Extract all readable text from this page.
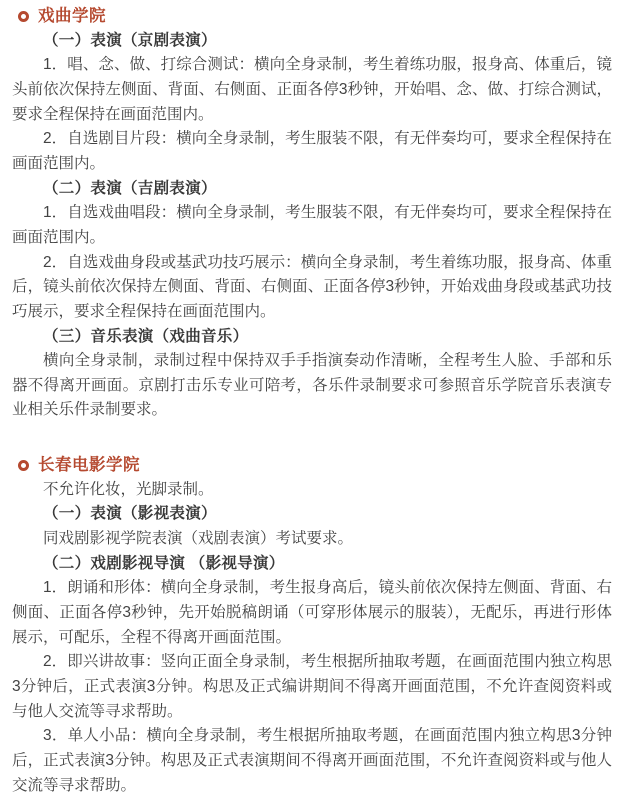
戏曲学院

（一）表演（京剧表演）

1．唱、念、做、打综合测试：横向全身录制，考生着练功服，报身高、体重后，镜头前依次保持左侧面、背面、右侧面、正面各停3秒钟，开始唱、念、做、打综合测试，要求全程保持在画面范围内。

2．自选剧目片段：横向全身录制，考生服装不限，有无伴奏均可，要求全程保持在画面范围内。

（二）表演（吉剧表演）

1．自选戏曲唱段：横向全身录制，考生服装不限，有无伴奏均可，要求全程保持在画面范围内。

2．自选戏曲身段或基武功技巧展示：横向全身录制，考生着练功服，报身高、体重后，镜头前依次保持左侧面、背面、右侧面、正面各停3秒钟，开始戏曲身段或基武功技巧展示，要求全程保持在画面范围内。

（三）音乐表演（戏曲音乐）

横向全身录制，录制过程中保持双手手指演奏动作清晰，全程考生人脸、手部和乐器不得离开画面。京剧打击乐专业可陪考，各乐件录制要求可参照音乐学院音乐表演专业相关乐件录制要求。

长春电影学院

不允许化妆，光脚录制。

（一）表演（影视表演）

同戏剧影视学院表演（戏剧表演）考试要求。

（二）戏剧影视导演 （影视导演）

1．朗诵和形体：横向全身录制，考生报身高后，镜头前依次保持左侧面、背面、右侧面、正面各停3秒钟，先开始脱稿朗诵（可穿形体展示的服装），无配乐，再进行形体展示，可配乐，全程不得离开画面范围。

2．即兴讲故事：竖向正面全身录制，考生根据所抽取考题，在画面范围内独立构思3分钟后，正式表演3分钟。构思及正式编讲期间不得离开画面范围，不允许查阅资料或与他人交流等寻求帮助。

3．单人小品：横向全身录制，考生根据所抽取考题，在画面范围内独立构思3分钟后，正式表演3分钟。构思及正式表演期间不得离开画面范围，不允许查阅资料或与他人交流等寻求帮助。
